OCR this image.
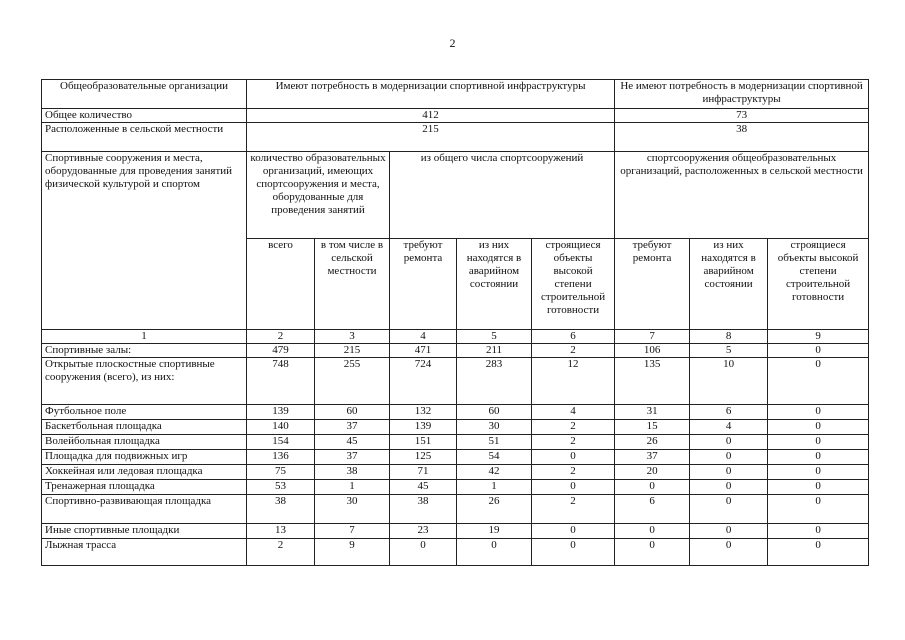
2
Общеобразовательные организации	Имеют потребность в модернизации спортивной инфраструктуры					Не имеют потребность в модернизации спортивной инфраструктуры		
Общее количество	412					73		
Расположенные в сельской местности	215					38		
Спортивные сооружения и места, оборудованные для проведения занятий физической культурой и спортом	количество образовательных организаций, имеющих спортсооружения и места, оборудованные для проведения занятий		из общего числа спортсооружений			спортсооружения общеобразовательных организаций, расположенных в сельской местности		
	всего	в том числе в сельской местности	требуют ремонта	из них находятся в аварийном состоянии	строящиеся объекты высокой степени строительной готовности	требуют ремонта	из них находятся в аварийном состоянии	строящиеся объекты высокой степени строительной готовности
1	2	3	4	5	6	7	8	9
Спортивные залы:	479	215	471	211	2	106	5	0
Открытые плоскостные спортивные сооружения (всего), из них:	748	255	724	283	12	135	10	0
Футбольное поле	139	60	132	60	4	31	6	0
Баскетбольная площадка	140	37	139	30	2	15	4	0
Волейбольная площадка	154	45	151	51	2	26	0	0
Площадка для подвижных игр	136	37	125	54	0	37	0	0
Хоккейная или ледовая площадка	75	38	71	42	2	20	0	0
Тренажерная площадка	53	1	45	1	0	0	0	0
Спортивно-развивающая площадка	38	30	38	26	2	6	0	0
Иные спортивные площадки	13	7	23	19	0	0	0	0
Лыжная трасса	2	9	0	0	0	0	0	0
